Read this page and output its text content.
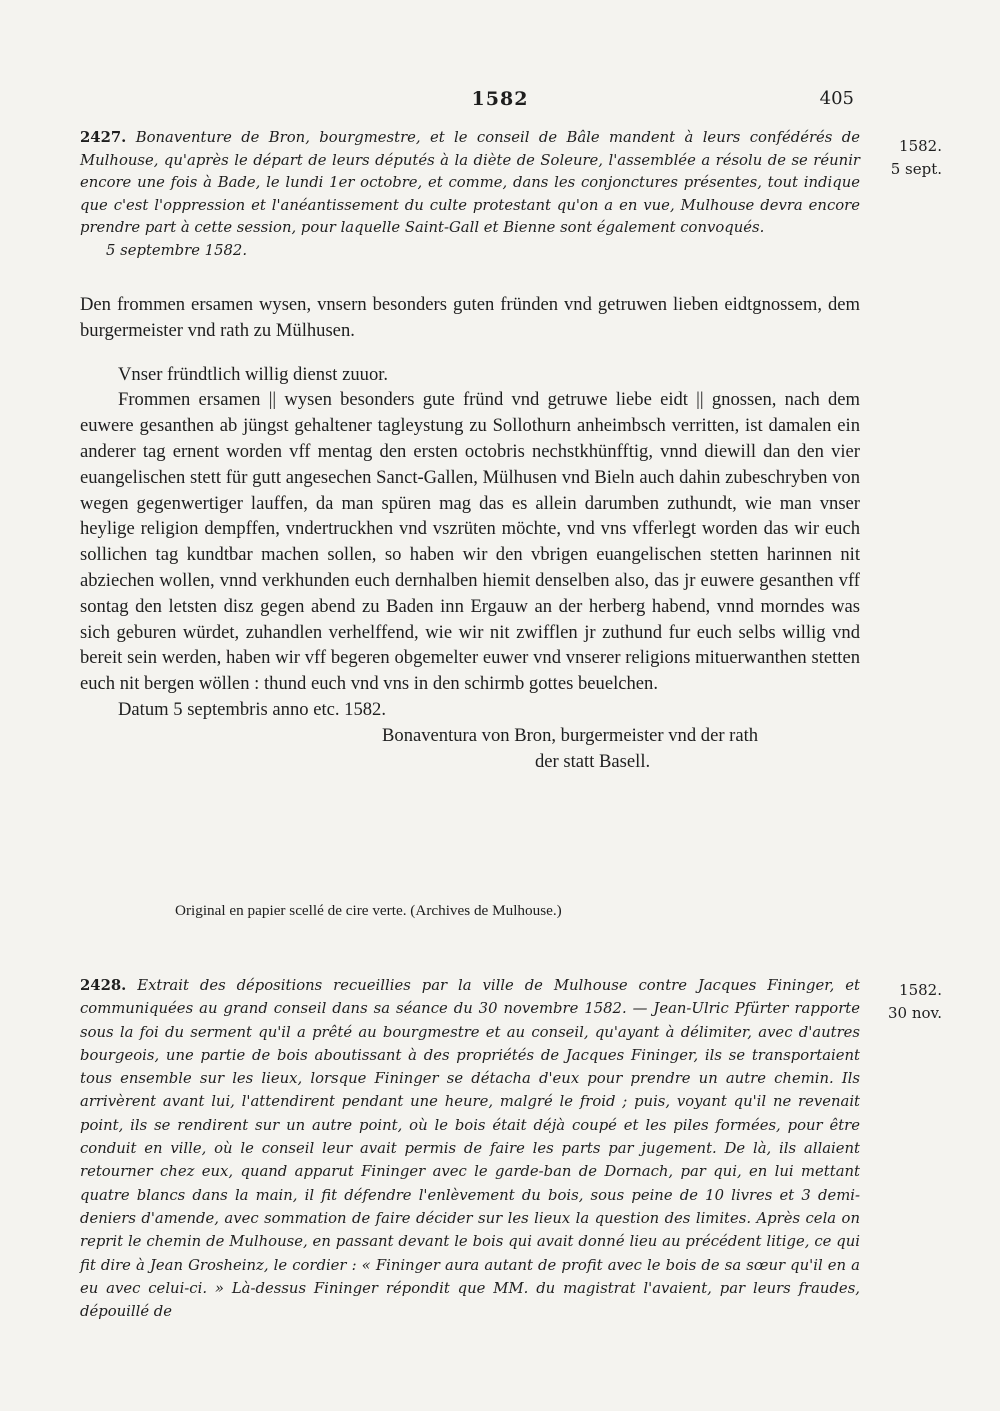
1582	405
1582.
5 sept.

2427. Bonaventure de Bron, bourgmestre, et le conseil de Bâle mandent à leurs confédérés de Mulhouse, qu'après le départ de leurs députés à la diète de Soleure, l'assemblée a résolu de se réunir encore une fois à Bade, le lundi 1er octobre, et comme, dans les conjonctures présentes, tout indique que c'est l'oppression et l'anéantissement du culte protestant qu'on a en vue, Mulhouse devra encore prendre part à cette session, pour laquelle Saint-Gall et Bienne sont également convoqués.
5 septembre 1582.

Den frommen ersamen wysen, vnsern besonders guten fründen vnd getruwen lieben eidtgnossem, dem burgermeister vnd rath zu Mülhusen.

Vnser fründtlich willig dienst zuuor.

Frommen ersamen || wysen besonders gute fründ vnd getruwe liebe eidt || gnossen, nach dem euwere gesanthen ab jüngst gehaltener tagleystung zu Sollothurn anheimbsch verritten, ist damalen ein anderer tag ernent worden vff mentag den ersten octobris nechstkhünfftig, vnnd diewill dan den vier euangelischen stett für gutt angesechen Sanct-Gallen, Mülhusen vnd Bieln auch dahin zubeschryben von wegen gegenwertiger lauffen, da man spüren mag das es allein darumben zuthundt, wie man vnser heylige religion dempffen, vndertruckhen vnd vszrüten möchte, vnd vns vfferlegt worden das wir euch sollichen tag kundtbar machen sollen, so haben wir den vbrigen euangelischen stetten harinnen nit abziechen wollen, vnnd verkhunden euch dernhalben hiemit denselben also, das jr euwere gesanthen vff sontag den letsten disz gegen abend zu Baden inn Ergauw an der herberg habend, vnnd morndes was sich geburen würdet, zuhandlen verhelffend, wie wir nit zwifflen jr zuthund fur euch selbs willig vnd bereit sein werden, haben wir vff begeren obgemelter euwer vnd vnserer religions mituerwanthen stetten euch nit bergen wöllen : thund euch vnd vns in den schirmb gottes beuelchen.

Datum 5 septembris anno etc. 1582.

Bonaventura von Bron, burgermeister vnd der rath

der statt Basell.

Original en papier scellé de cire verte. (Archives de Mulhouse.)
1582.
30 nov.

2428. Extrait des dépositions recueillies par la ville de Mulhouse contre Jacques Fininger, et communiquées au grand conseil dans sa séance du 30 novembre 1582. — Jean-Ulric Pfürter rapporte sous la foi du serment qu'il a prêté au bourgmestre et au conseil, qu'ayant à délimiter, avec d'autres bourgeois, une partie de bois aboutissant à des propriétés de Jacques Fininger, ils se transportaient tous ensemble sur les lieux, lorsque Fininger se détacha d'eux pour prendre un autre chemin. Ils arrivèrent avant lui, l'attendirent pendant une heure, malgré le froid ; puis, voyant qu'il ne revenait point, ils se rendirent sur un autre point, où le bois était déjà coupé et les piles formées, pour être conduit en ville, où le conseil leur avait permis de faire les parts par jugement. De là, ils allaient retourner chez eux, quand apparut Fininger avec le garde-ban de Dornach, par qui, en lui mettant quatre blancs dans la main, il fit défendre l'enlèvement du bois, sous peine de 10 livres et 3 demi-deniers d'amende, avec sommation de faire décider sur les lieux la question des limites. Après cela on reprit le chemin de Mulhouse, en passant devant le bois qui avait donné lieu au précédent litige, ce qui fit dire à Jean Grosheinz, le cordier : « Fininger aura autant de profit avec le bois de sa sœur qu'il en a eu avec celui-ci. » Là-dessus Fininger répondit que MM. du magistrat l'avaient, par leurs fraudes, dépouillé de
